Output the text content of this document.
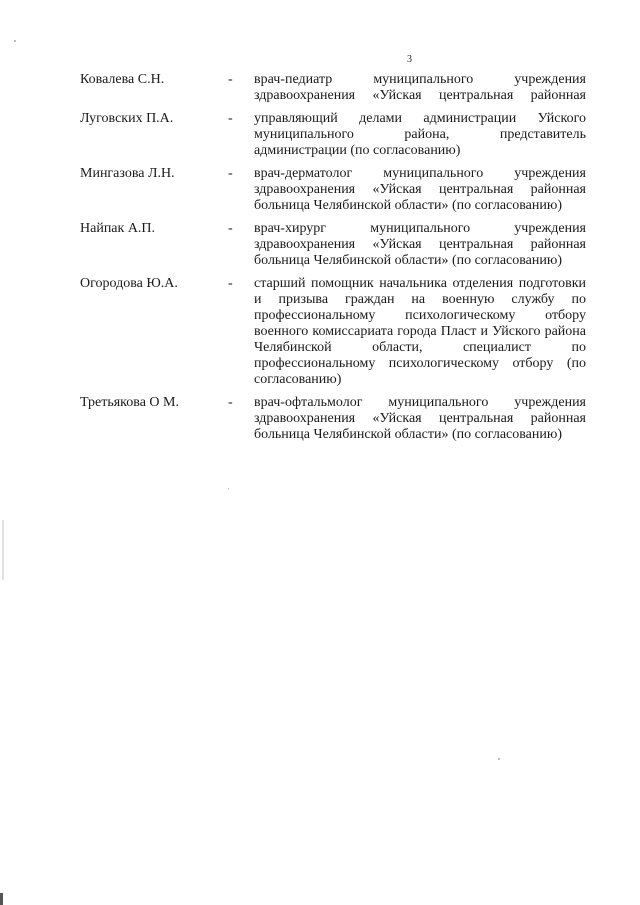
3
Ковалева С.Н.	-	врач-педиатр муниципального учреждения здравоохранения «Уйская центральная районная
Луговских П.А.	-	управляющий делами администрации Уйского муниципального района, представитель администрации (по согласованию)
Мингазова Л.Н.	-	врач-дерматолог муниципального учреждения здравоохранения «Уйская центральная районная больница Челябинской области» (по согласованию)
Найпак А.П.	-	врач-хирург муниципального учреждения здравоохранения «Уйская центральная районная больница Челябинской области» (по согласованию)
Огородова Ю.А.	-	старший помощник начальника отделения подготовки и призыва граждан на военную службу по профессиональному психологическому отбору военного комиссариата города Пласт и Уйского района Челябинской области, специалист по профессиональному психологическому отбору (по согласованию)
Третьякова О М.	-	врач-офтальмолог муниципального учреждения здравоохранения «Уйская центральная районная больница Челябинской области» (по согласованию)
